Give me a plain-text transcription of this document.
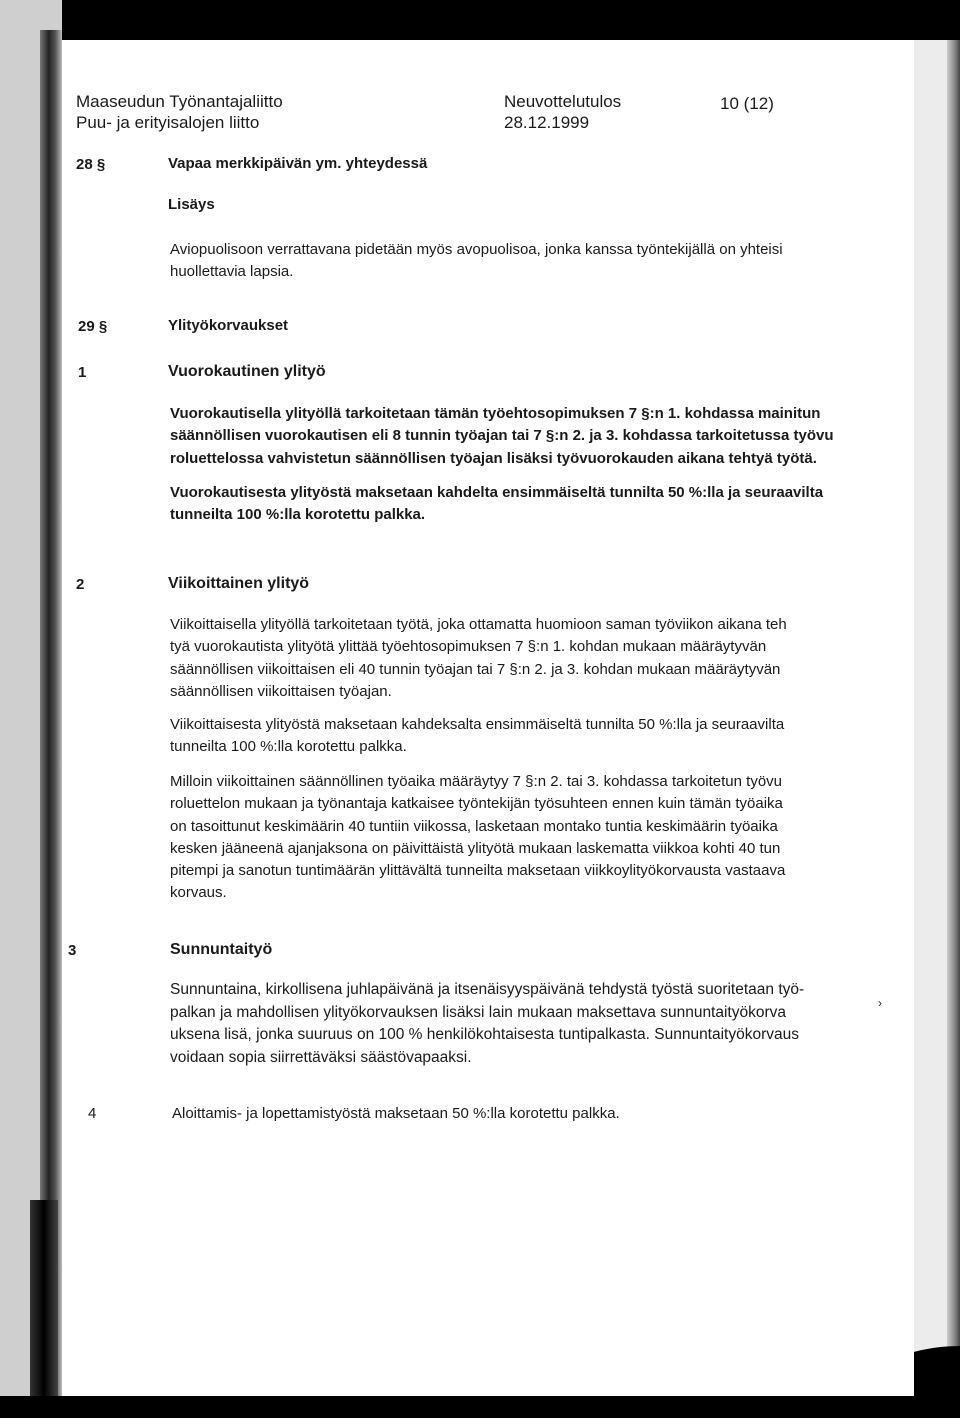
Maaseudun Työnantajaliitto
Puu- ja erityisalojen liitto
Neuvottelutulos
28.12.1999
10 (12)
28 §	Vapaa merkkipäivän ym. yhteydessä
Lisäys
Aviopuolisoon verrattavana pidetään myös avopuolisoa, jonka kanssa työntekijällä on yhteisi
huollettavia lapsia.
29 §	Ylityökorvaukset
1	Vuorokautinen ylityö
Vuorokautisella ylityöllä tarkoitetaan tämän työehtosopimuksen 7 §:n 1. kohdassa mainitun
säännöllisen vuorokautisen eli 8 tunnin työajan tai 7 §:n 2. ja 3. kohdassa tarkoitetussa työvu
roluettelossa vahvistetun säännöllisen työajan lisäksi työvuorokauden aikana tehtyä työtä.
Vuorokautisesta ylityöstä maksetaan kahdelta ensimmäiseltä tunnilta 50 %:lla ja seuraavilta
tunneilta 100 %:lla korotettu palkka.
2	Viikoittainen ylityö
Viikoittaisella ylityöllä tarkoitetaan työtä, joka ottamatta huomioon saman työviikon aikana teh
tyä vuorokautista ylityötä ylittää työehtosopimuksen 7 §:n 1. kohdan mukaan määräytyvän
säännöllisen viikoittaisen eli 40 tunnin työajan tai 7 §:n 2. ja 3. kohdan mukaan määräytyvän
säännöllisen viikoittaisen työajan.
Viikoittaisesta ylityöstä maksetaan kahdeksalta ensimmäiseltä tunnilta 50 %:lla ja seuraavilta
tunneilta 100 %:lla korotettu palkka.
Milloin viikoittainen säännöllinen työaika määräytyy 7 §:n 2. tai 3. kohdassa tarkoitetun työvu
roluettelon mukaan ja työnantaja katkaisee työntekijän työsuhteen ennen kuin tämän työaika
on tasoittunut keskimäärin 40 tuntiin viikossa, lasketaan montako tuntia keskimäärin työaika
kesken jääneenä ajanjaksona on päivittäistä ylityötä mukaan laskematta viikkoa kohti 40 tun
pitempi ja sanotun tuntimäärän ylittävältä tunneilta maksetaan viikkoylityökorvausta vastaava
korvaus.
3	Sunnuntaityö
Sunnuntaina, kirkollisena juhlapäivänä ja itsenäisyyspäivänä tehdystä työstä suoritetaan työ-
palkan ja mahdollisen ylityökorvauksen lisäksi lain mukaan maksettava sunnuntaityökorva
uksena lisä, jonka suuruus on 100 % henkilökohtaisesta tuntipalkasta. Sunnuntaityökorvaus
voidaan sopia siirrettäväksi säästövapaaksi.
4	Aloittamis- ja lopettamistyöstä maksetaan 50 %:lla korotettu palkka.
›
